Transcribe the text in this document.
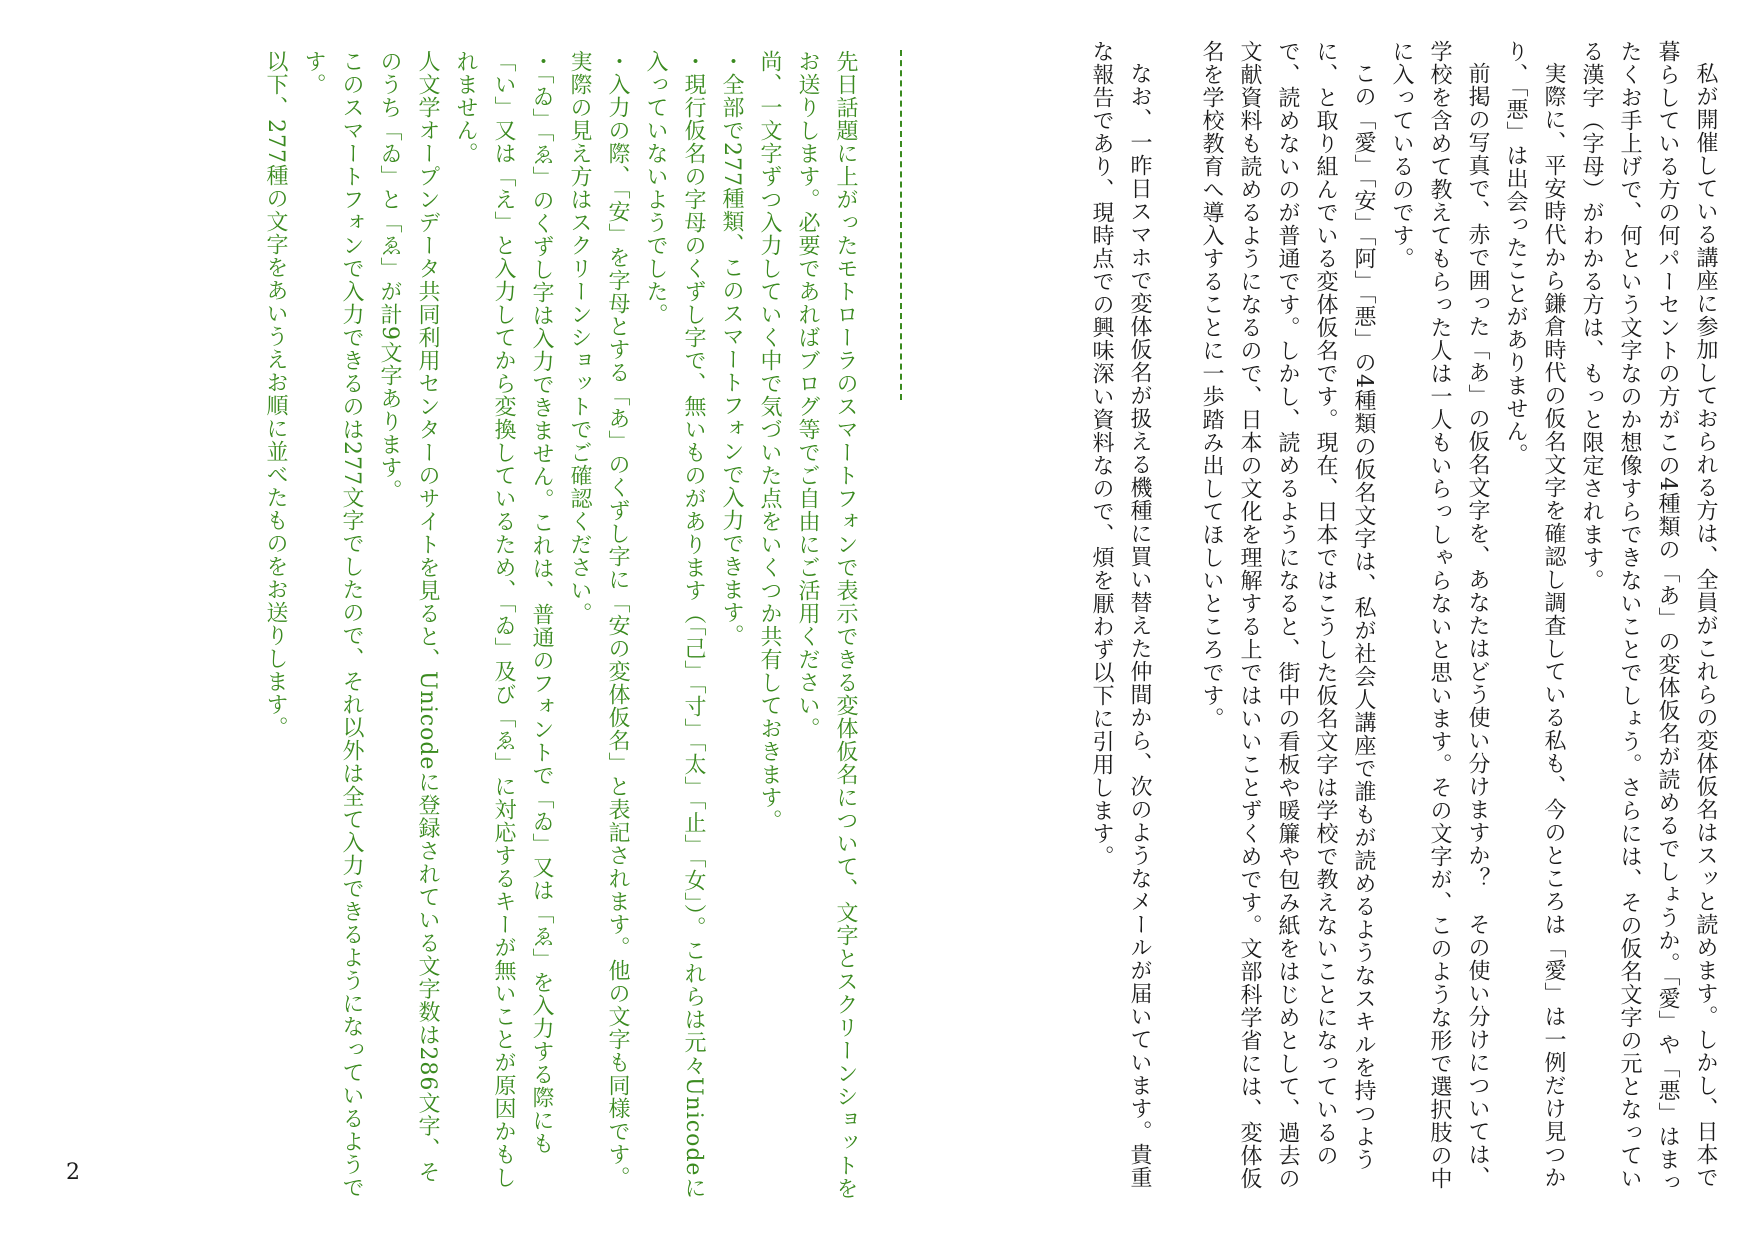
私が開催している講座に参加しておられる方は、全員がこれらの変体仮名はスッと読めます。しかし、日本で暮らしている方の何パーセントの方がこの4種類の「あ」の変体仮名が読めるでしょうか。「愛」や「悪」はまったくお手上げで、何という文字なのか想像すらできないことでしょう。さらには、その仮名文字の元となっている漢字（字母）がわかる方は、もっと限定されます。

実際に、平安時代から鎌倉時代の仮名文字を確認し調査している私も、今のところは「愛」は一例だけ見つかり、「悪」は出会ったことがありません。

前掲の写真で、赤で囲った「あ」の仮名文字を、あなたはどう使い分けますか？　その使い分けについては、学校を含めて教えてもらった人は一人もいらっしゃらないと思います。その文字が、このような形で選択肢の中に入っているのです。

この「愛」「安」「阿」「悪」の4種類の仮名文字は、私が社会人講座で誰もが読めるようなスキルを持つように、と取り組んでいる変体仮名です。現在、日本ではこうした仮名文字は学校で教えないことになっているので、読めないのが普通です。しかし、読めるようになると、街中の看板や暖簾や包み紙をはじめとして、過去の文献資料も読めるようになるので、日本の文化を理解する上ではいいことずくめです。文部科学省には、変体仮名を学校教育へ導入することに一歩踏み出してほしいところです。

なお、一昨日スマホで変体仮名が扱える機種に買い替えた仲間から、次のようなメールが届いています。貴重な報告であり、現時点での興味深い資料なので、煩を厭わず以下に引用します。

先日話題に上がったモトローラのスマートフォンで表示できる変体仮名について、文字とスクリーンショットをお送りします。必要であればブログ等でご自由にご活用ください。

尚、一文字ずつ入力していく中で気づいた点をいくつか共有しておきます。

・全部で277種類、このスマートフォンで入力できます。

・現行仮名の字母のくずし字で、無いものがあります（「己」「寸」「太」「止」「女」）。これらは元々Unicodeに入っていないようでした。

・入力の際、「安」を字母とする「あ」のくずし字に「安の変体仮名」と表記されます。他の文字も同様です。実際の見え方はスクリーンショットでご確認ください。

・「ゐ」「ゑ」のくずし字は入力できません。これは、普通のフォントで「ゐ」又は「ゑ」を入力する際にも「い」又は「え」と入力してから変換しているため、「ゐ」及び「ゑ」に対応するキーが無いことが原因かもしれません。

人文学オープンデータ共同利用センターのサイトを見ると、Unicodeに登録されている文字数は286文字、そのうち「ゐ」と「ゑ」が計9文字あります。

このスマートフォンで入力できるのは277文字でしたので、それ以外は全て入力できるようになっているようです。

以下、277種の文字をあいうえお順に並べたものをお送りします。

2
